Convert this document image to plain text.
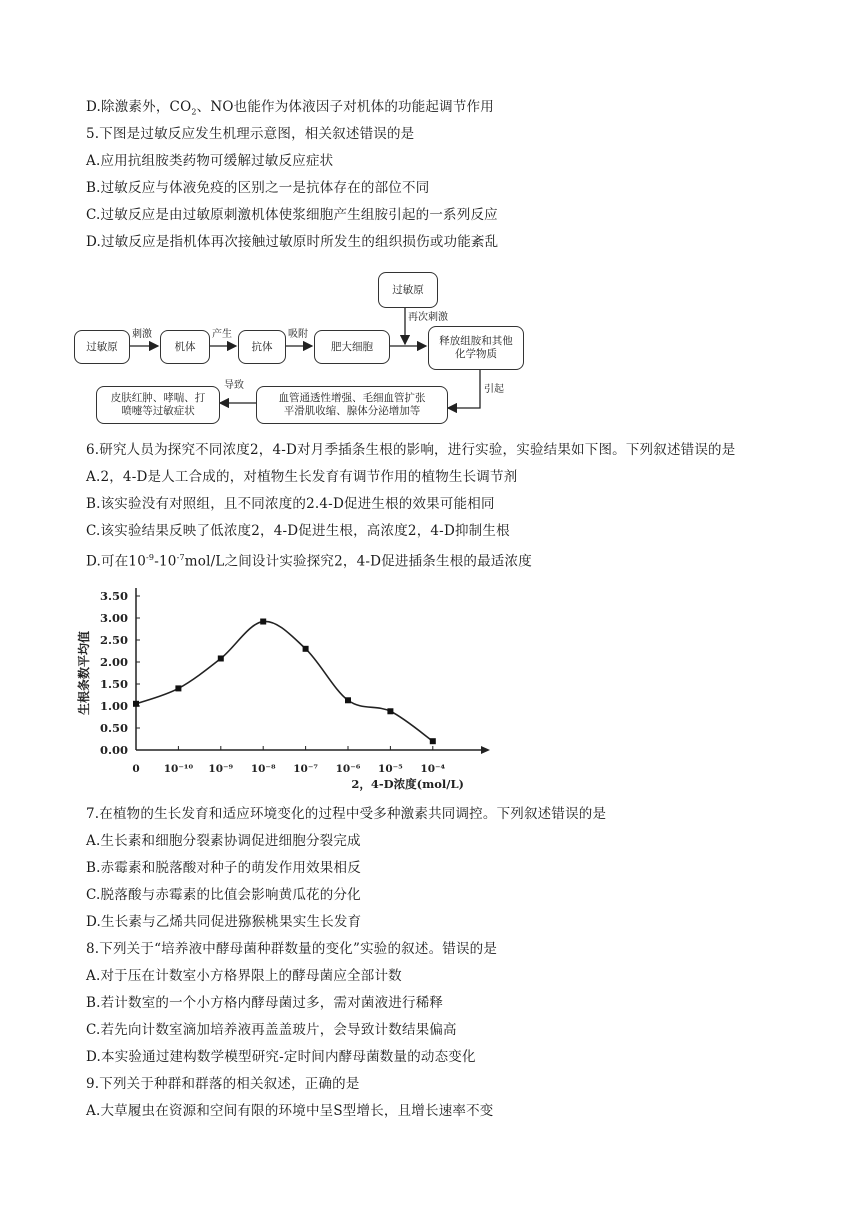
D.除激素外，$CO_2$、NO也能作为体液因子对机体的功能起调节作用
5.下图是过敏反应发生机理示意图，相关叙述错误的是
A.应用抗组胺类药物可缓解过敏反应症状
B.过敏反应与体液免疫的区别之一是抗体存在的部位不同
C.过敏反应是由过敏原刺激机体使浆细胞产生组胺引起的一系列反应
D.过敏反应是指机体再次接触过敏原时所发生的组织损伤或功能紊乱
过敏原
再次刺激
过敏原
刺激
机体
产生
抗体
吸附
肥大细胞	释放组胺和其他
化学物质
引起
血管通透性增强、毛细血管扩张
平滑肌收缩、腺体分泌增加等
导致
皮肤红肿、哮喘、打
喷嚏等过敏症状
6.研究人员为探究不同浓度2，4-D对月季插条生根的影响，进行实验，实验结果如下图。下列叙述错误的是
A.2，4-D是人工合成的，对植物生长发育有调节作用的植物生长调节剂
B.该实验没有对照组，且不同浓度的2.4-D促进生根的效果可能相同
C.该实验结果反映了低浓度2，4-D促进生根，高浓度2，4-D抑制生根
D.可在$10^{-9}-10^{-7}mol/L$之间设计实验探究2，4-D促进插条生根的最适浓度
0.00
0.50
1.00
1.50
2.00
2.50
3.00
3.50
0 10⁻¹⁰ 10⁻⁹ 10⁻⁸ 10⁻⁷ 10⁻⁶ 10⁻⁵ 10⁻⁴
生根条数平均值
2，4-D浓度(mol/L)
7.在植物的生长发育和适应环境变化的过程中受多种激素共同调控。下列叙述错误的是
A.生长素和细胞分裂素协调促进细胞分裂完成
B.赤霉素和脱落酸对种子的萌发作用效果相反
C.脱落酸与赤霉素的比值会影响黄瓜花的分化
D.生长素与乙烯共同促进猕猴桃果实生长发育
8.下列关于“培养液中酵母菌种群数量的变化”实验的叙述。错误的是
A.对于压在计数室小方格界限上的酵母菌应全部计数
B.若计数室的一个小方格内酵母菌过多，需对菌液进行稀释
C.若先向计数室滴加培养液再盖盖玻片，会导致计数结果偏高
D.本实验通过建构数学模型研究-定时间内酵母菌数量的动态变化
9.下列关于种群和群落的相关叙述，正确的是
A.大草履虫在资源和空间有限的环境中呈S型增长，且增长速率不变
